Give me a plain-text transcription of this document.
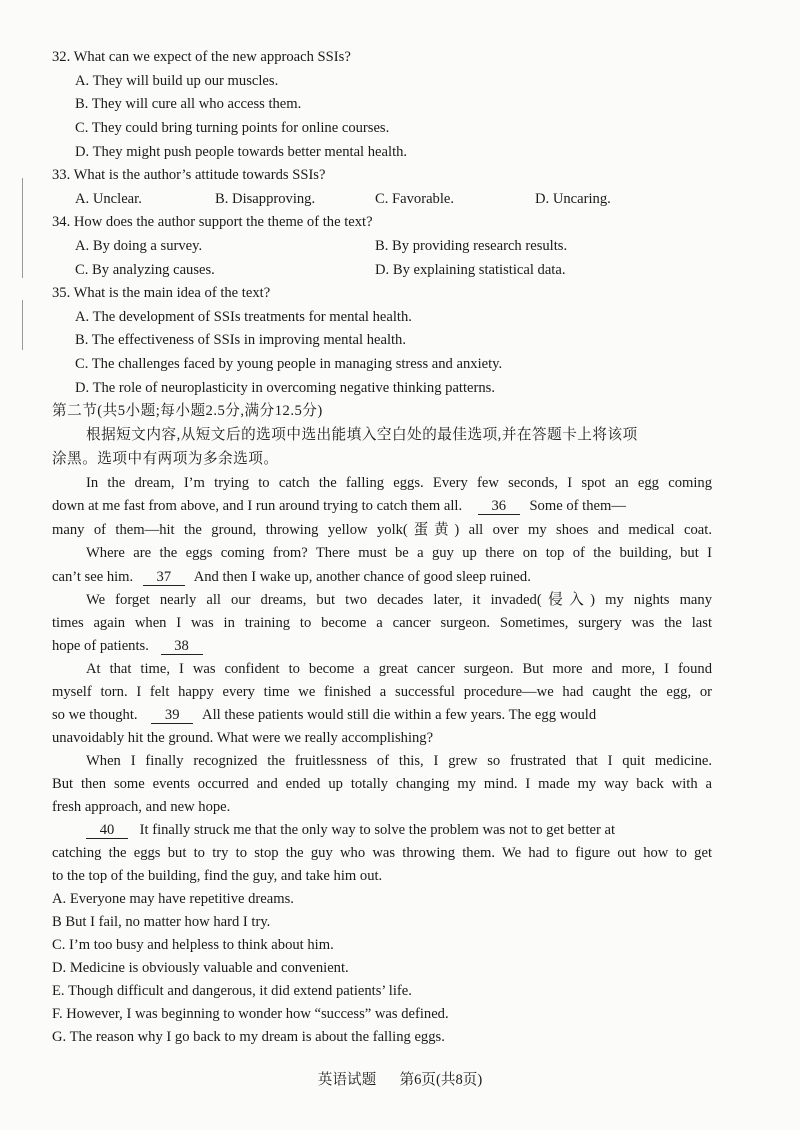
32. What can we expect of the new approach SSIs?
A. They will build up our muscles.
B. They will cure all who access them.
C. They could bring turning points for online courses.
D. They might push people towards better mental health.
33. What is the author’s attitude towards SSIs?
A. Unclear.	B. Disapproving.	C. Favorable.	D. Uncaring.
34. How does the author support the theme of the text?
A. By doing a survey.	B. By providing research results.
C. By analyzing causes.	D. By explaining statistical data.
35. What is the main idea of the text?
A. The development of SSIs treatments for mental health.
B. The effectiveness of SSIs in improving mental health.
C. The challenges faced by young people in managing stress and anxiety.
D. The role of neuroplasticity in overcoming negative thinking patterns.
第二节(共5小题;每小题2.5分,满分12.5分)
根据短文内容,从短文后的选项中选出能填入空白处的最佳选项,并在答题卡上将该项
涂黑。选项中有两项为多余选项。
In the dream, I’m trying to catch the falling eggs. Every few seconds, I spot an egg coming
down at me fast from above, and I run around trying to catch them all. 36 Some of them—
many of them—hit the ground, throwing yellow yolk(蛋黄) all over my shoes and medical coat.
Where are the eggs coming from? There must be a guy up there on top of the building, but I
can’t see him. 37 And then I wake up, another chance of good sleep ruined.
We forget nearly all our dreams, but two decades later, it invaded(侵入) my nights many
times again when I was in training to become a cancer surgeon. Sometimes, surgery was the last
hope of patients. 38
At that time, I was confident to become a great cancer surgeon. But more and more, I found
myself torn. I felt happy every time we finished a successful procedure—we had caught the egg, or
so we thought. 39 All these patients would still die within a few years. The egg would
unavoidably hit the ground. What were we really accomplishing?
When I finally recognized the fruitlessness of this, I grew so frustrated that I quit medicine.
But then some events occurred and ended up totally changing my mind. I made my way back with a
fresh approach, and new hope.
40 It finally struck me that the only way to solve the problem was not to get better at
catching the eggs but to try to stop the guy who was throwing them. We had to figure out how to get
to the top of the building, find the guy, and take him out.
A. Everyone may have repetitive dreams.
B But I fail, no matter how hard I try.
C. I’m too busy and helpless to think about him.
D. Medicine is obviously valuable and convenient.
E. Though difficult and dangerous, it did extend patients’ life.
F. However, I was beginning to wonder how “success” was defined.
G. The reason why I go back to my dream is about the falling eggs.
英语试题 第6页(共8页)
